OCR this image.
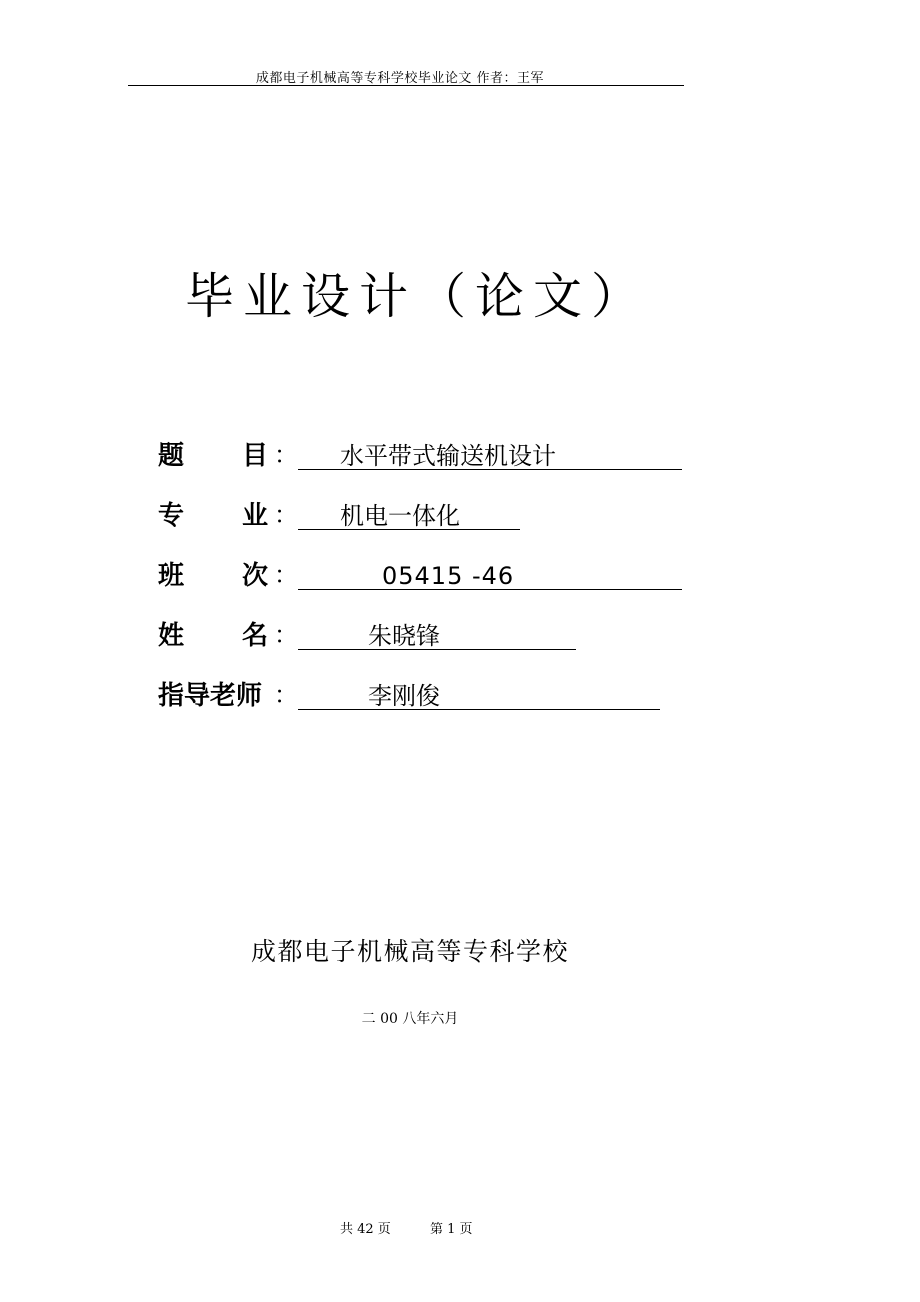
成都电子机械高等专科学校毕业论文 作者：王军
毕业设计（论文）
题 目 ： 水平带式输送机设计
专 业 ： 机电一体化
班 次 ：	05415 -46
姓 名 ：	朱晓锋
指导老师 ：	李刚俊
成都电子机械高等专科学校
二 00 八年六月
共 42 页	第 1 页
